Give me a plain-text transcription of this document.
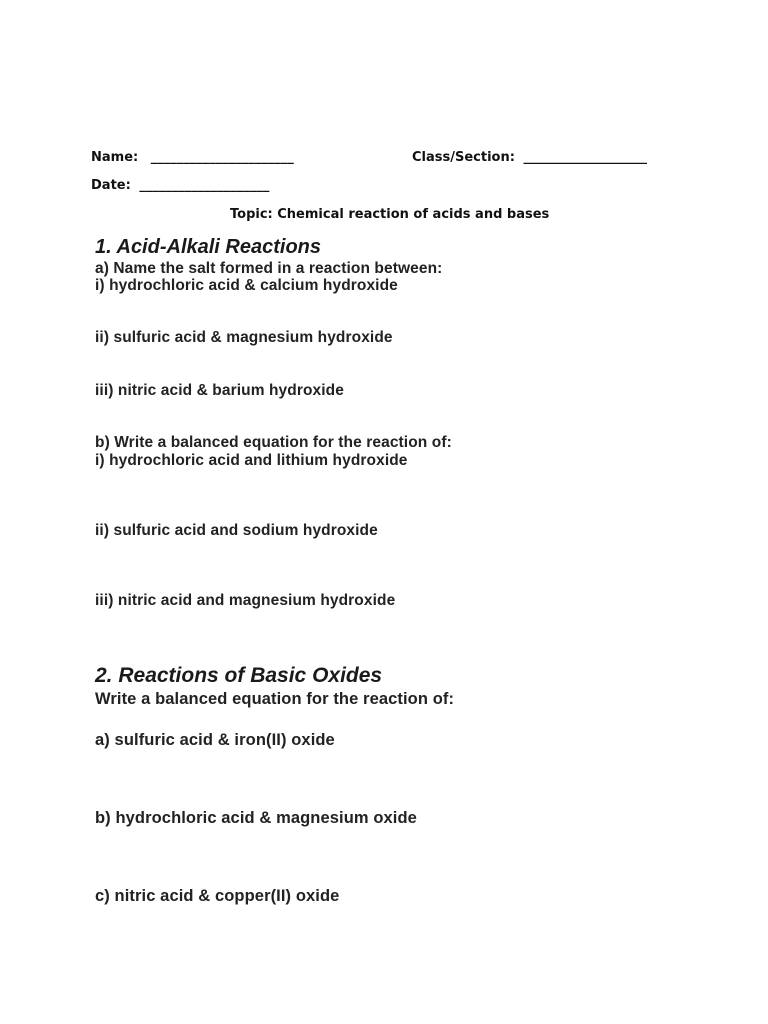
Name: ______________________	Class/Section: ___________________
Date: ____________________
Topic: Chemical reaction of acids and bases
1. Acid-Alkali Reactions
a) Name the salt formed in a reaction between:
i) hydrochloric acid & calcium hydroxide
ii) sulfuric acid & magnesium hydroxide
iii) nitric acid & barium hydroxide
b) Write a balanced equation for the reaction of:
i) hydrochloric acid and lithium hydroxide
ii) sulfuric acid and sodium hydroxide
iii) nitric acid and magnesium hydroxide
2. Reactions of Basic Oxides
Write a balanced equation for the reaction of:
a) sulfuric acid & iron(II) oxide
b) hydrochloric acid & magnesium oxide
c) nitric acid & copper(II) oxide
